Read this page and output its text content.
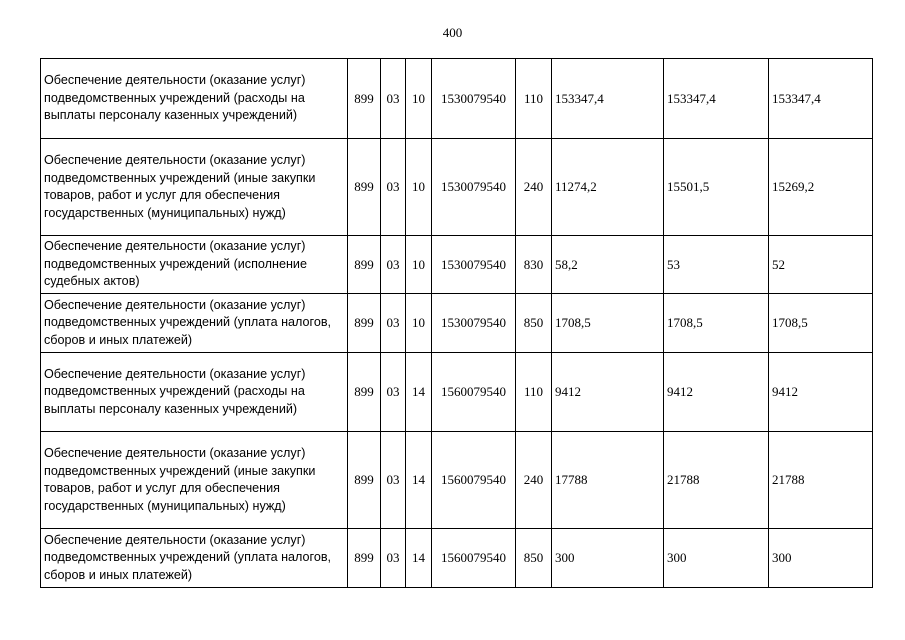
400
Обеспечение деятельности (оказание услуг) подведомственных учреждений (расходы на выплаты персоналу казенных учреждений)	899	03	10	1530079540	110	153347,4	153347,4	153347,4
Обеспечение деятельности (оказание услуг) подведомственных учреждений (иные закупки товаров, работ и услуг для обеспечения государственных (муниципальных) нужд)	899	03	10	1530079540	240	11274,2	15501,5	15269,2
Обеспечение деятельности (оказание услуг) подведомственных учреждений (исполнение судебных актов)	899	03	10	1530079540	830	58,2	53	52
Обеспечение деятельности (оказание услуг) подведомственных учреждений (уплата налогов, сборов и иных платежей)	899	03	10	1530079540	850	1708,5	1708,5	1708,5
Обеспечение деятельности (оказание услуг) подведомственных учреждений (расходы на выплаты персоналу казенных учреждений)	899	03	14	1560079540	110	9412	9412	9412
Обеспечение деятельности (оказание услуг) подведомственных учреждений (иные закупки товаров, работ и услуг для обеспечения государственных (муниципальных) нужд)	899	03	14	1560079540	240	17788	21788	21788
Обеспечение деятельности (оказание услуг) подведомственных учреждений (уплата налогов, сборов и иных платежей)	899	03	14	1560079540	850	300	300	300
